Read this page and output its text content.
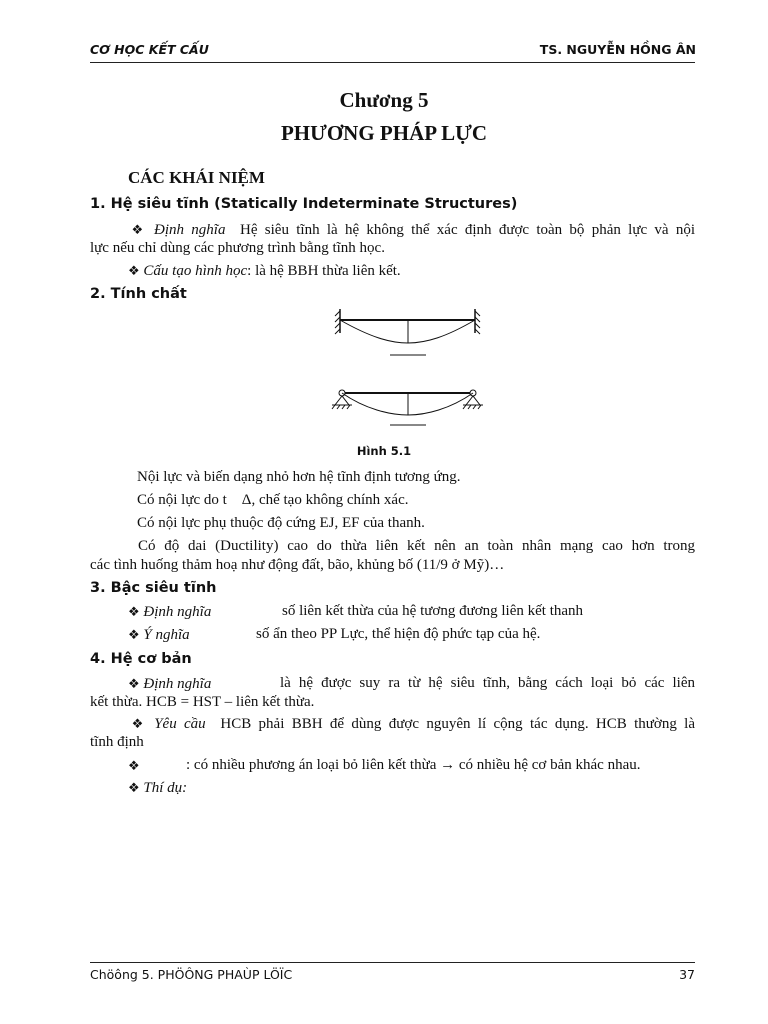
CƠ HỌC KẾT CẤU	TS. NGUYỄN HỒNG ÂN
Chương 5
PHƯƠNG PHÁP LỰC
CÁC KHÁI NIỆM
1. Hệ siêu tĩnh (Statically Indeterminate Structures)
❖ Định nghĩa Hệ siêu tĩnh là hệ không thể xác định được toàn bộ phản lực và nội
lực nếu chỉ dùng các phương trình bằng tĩnh học.
❖ Cấu tạo hình học: là hệ BBH thừa liên kết.
2. Tính chất
Hình 5.1
Nội lực và biến dạng nhỏ hơn hệ tĩnh định tương ứng.
Có nội lực do t    Δ, chế tạo không chính xác.
Có nội lực phụ thuộc độ cứng EJ, EF của thanh.
Có độ dai (Ductility) cao do thừa liên kết nên an toàn nhân mạng cao hơn trong
các tình huống thảm hoạ như động đất, bão, khủng bố (11/9 ở Mỹ)…
3. Bậc siêu tĩnh
❖ Định nghĩa	số liên kết thừa của hệ tương đương liên kết thanh
❖ Ý nghĩa	số ẩn theo PP Lực, thể hiện độ phức tạp của hệ.
4. Hệ cơ bản
❖ Định nghĩa	là hệ được suy ra từ hệ siêu tĩnh, bằng cách loại bỏ các liên
kết thừa. HCB = HST – liên kết thừa.
❖ Yêu cầu HCB phải BBH để dùng được nguyên lí cộng tác dụng. HCB thường là
tĩnh định
❖	: có nhiều phương án loại bỏ liên kết thừa → có nhiều hệ cơ bản khác nhau.
❖ Thí dụ:
Chöông 5. PHÖÔNG PHAÙP LÖÏC	37
